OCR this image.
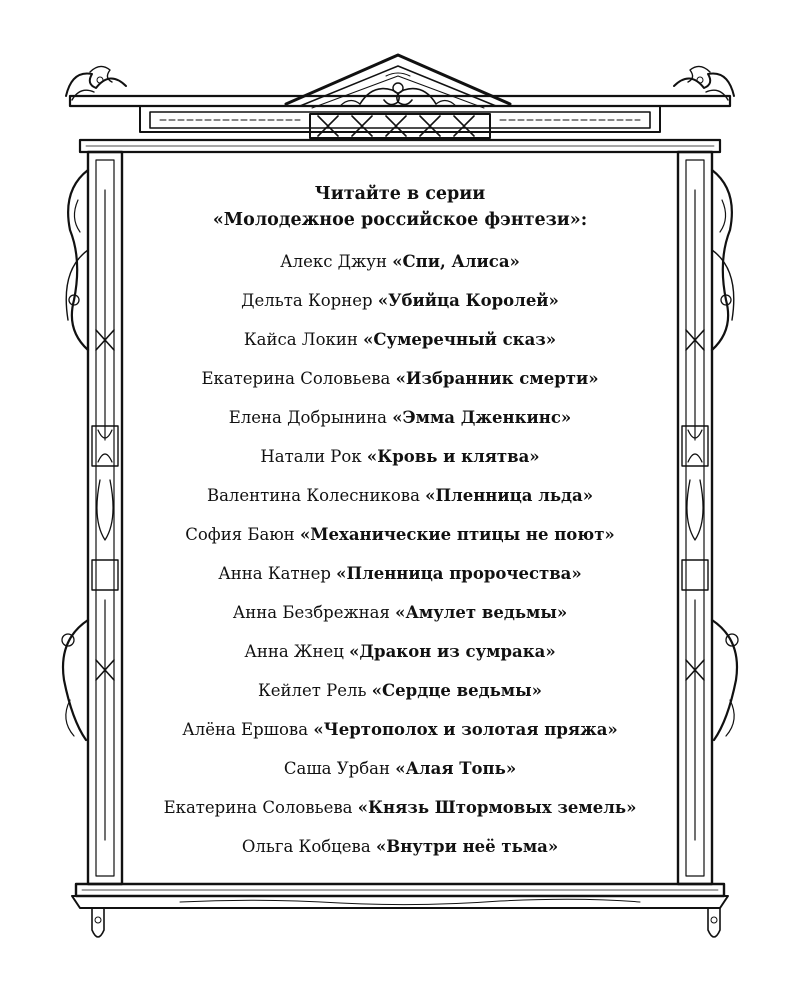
Читайте в серии
«Молодежное российское фэнтези»:
Алекс Джун «Спи, Алиса»
Дельта Корнер «Убийца Королей»
Кайса Локин «Сумеречный сказ»
Екатерина Соловьева «Избранник смерти»
Елена Добрынина «Эмма Дженкинс»
Натали Рок «Кровь и клятва»
Валентина Колесникова «Пленница льда»
София Баюн «Механические птицы не поют»
Анна Катнер «Пленница пророчества»
Анна Безбрежная «Амулет ведьмы»
Анна Жнец «Дракон из сумрака»
Кейлет Рель «Сердце ведьмы»
Алёна Ершова «Чертополох и золотая пряжа»
Саша Урбан «Алая Топь»
Екатерина Соловьева «Князь Штормовых земель»
Ольга Кобцева «Внутри неё тьма»
